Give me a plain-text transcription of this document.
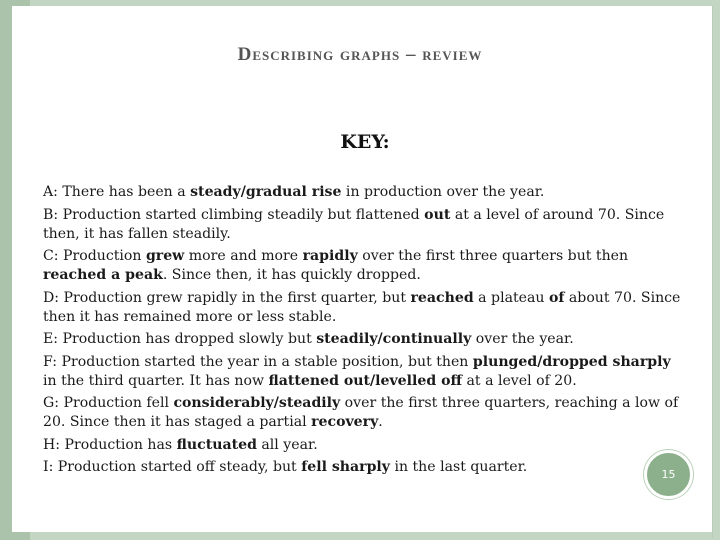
Describing graphs – review
KEY:

A: There has been a steady/gradual rise in production over the year.

B: Production started climbing steadily but flattened out at a level of around 70. Since then, it has fallen steadily.

C: Production grew more and more rapidly over the first three quarters but then reached a peak. Since then, it has quickly dropped.

D: Production grew rapidly in the first quarter, but reached a plateau of about 70. Since then it has remained more or less stable.

E: Production has dropped slowly but steadily/continually over the year.

F: Production started the year in a stable position, but then plunged/dropped sharply in the third quarter. It has now flattened out/levelled off at a level of 20.

G: Production fell considerably/steadily over the first three quarters, reaching a low of 20. Since then it has staged a partial recovery.

H: Production has fluctuated all year.

I: Production started off steady, but fell sharply in the last quarter.	15
